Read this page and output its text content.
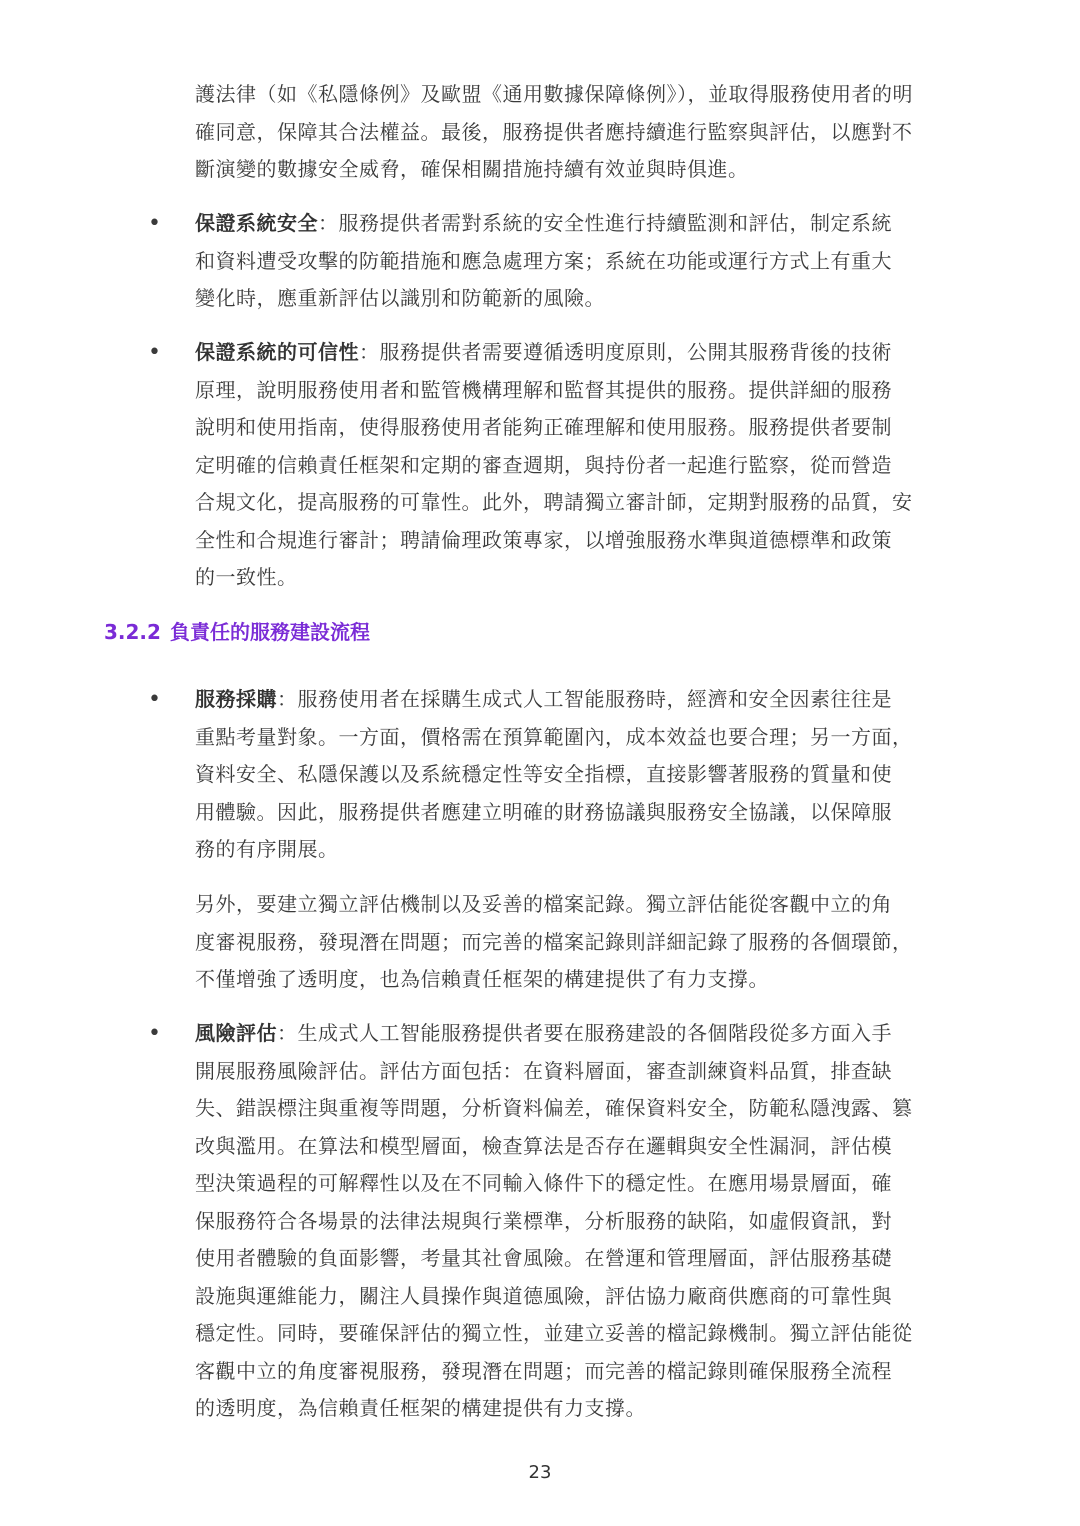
護法律（如《私隱條例》及歐盟《通用數據保障條例》），並取得服務使用者的明
確同意，保障其合法權益。最後，服務提供者應持續進行監察與評估，以應對不
斷演變的數據安全威脅，確保相關措施持續有效並與時俱進。
• 保證系統安全：服務提供者需對系統的安全性進行持續監測和評估，制定系統
和資料遭受攻擊的防範措施和應急處理方案；系統在功能或運行方式上有重大
變化時，應重新評估以識別和防範新的風險。
• 保證系統的可信性：服務提供者需要遵循透明度原則，公開其服務背後的技術
原理，說明服務使用者和監管機構理解和監督其提供的服務。提供詳細的服務
說明和使用指南，使得服務使用者能夠正確理解和使用服務。服務提供者要制
定明確的信賴責任框架和定期的審查週期，與持份者一起進行監察，從而營造
合規文化，提高服務的可靠性。此外，聘請獨立審計師，定期對服務的品質，安
全性和合規進行審計；聘請倫理政策專家，以增強服務水準與道德標準和政策
的一致性。
3.2.2 負責任的服務建設流程
• 服務採購：服務使用者在採購生成式人工智能服務時，經濟和安全因素往往是
重點考量對象。一方面，價格需在預算範圍內，成本效益也要合理；另一方面，
資料安全、私隱保護以及系統穩定性等安全指標，直接影響著服務的質量和使
用體驗。因此，服務提供者應建立明確的財務協議與服務安全協議，以保障服
務的有序開展。
另外，要建立獨立評估機制以及妥善的檔案記錄。獨立評估能從客觀中立的角
度審視服務，發現潛在問題；而完善的檔案記錄則詳細記錄了服務的各個環節，
不僅增強了透明度，也為信賴責任框架的構建提供了有力支撐。
• 風險評估：生成式人工智能服務提供者要在服務建設的各個階段從多方面入手
開展服務風險評估。評估方面包括：在資料層面，審查訓練資料品質，排查缺
失、錯誤標注與重複等問題，分析資料偏差，確保資料安全，防範私隱洩露、篡
改與濫用。在算法和模型層面，檢查算法是否存在邏輯與安全性漏洞，評估模
型決策過程的可解釋性以及在不同輸入條件下的穩定性。在應用場景層面，確
保服務符合各場景的法律法規與行業標準，分析服務的缺陷，如虛假資訊，對
使用者體驗的負面影響，考量其社會風險。在營運和管理層面，評估服務基礎
設施與運維能力，關注人員操作與道德風險，評估協力廠商供應商的可靠性與
穩定性。同時，要確保評估的獨立性，並建立妥善的檔記錄機制。獨立評估能從
客觀中立的角度審視服務，發現潛在問題；而完善的檔記錄則確保服務全流程
的透明度，為信賴責任框架的構建提供有力支撐。
23
